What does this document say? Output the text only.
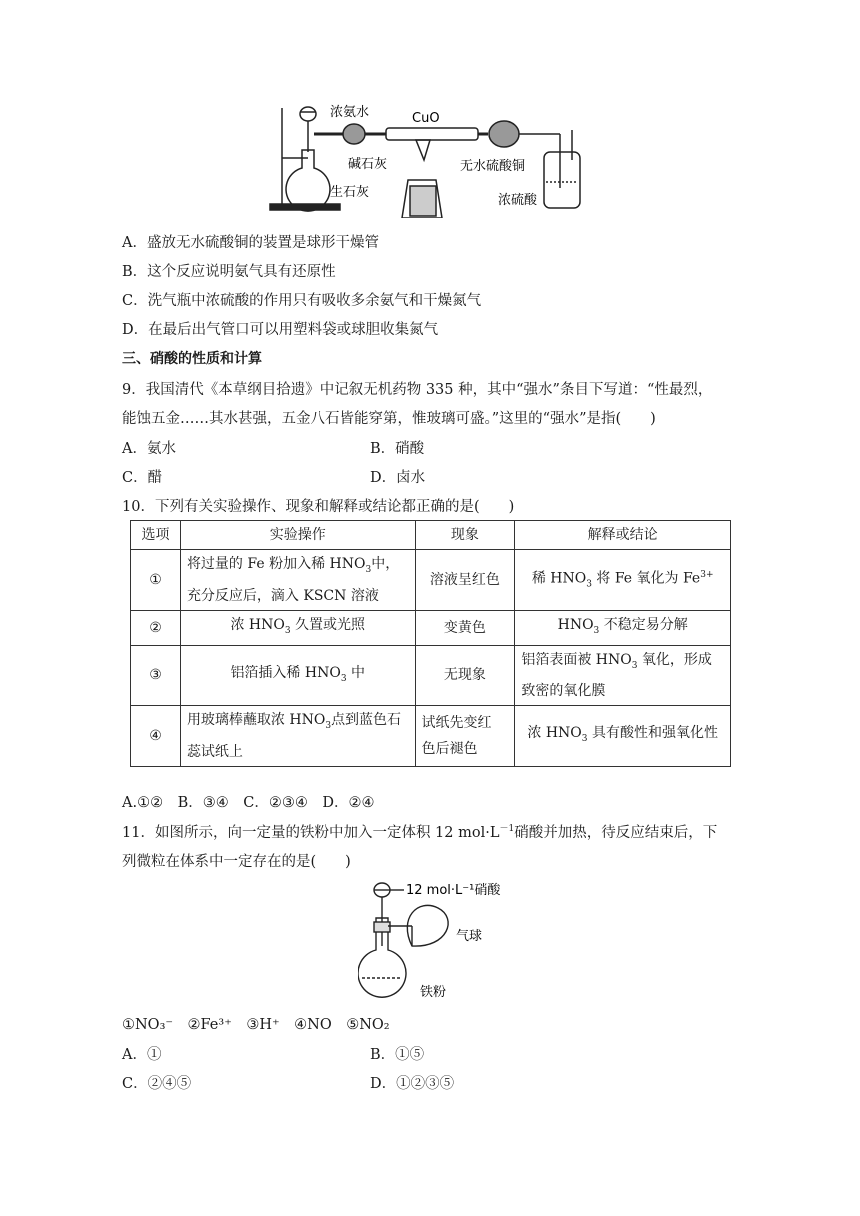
浓氨水	CuO
碱石灰
生石灰
无水硫酸铜
浓硫酸
A．盛放无水硫酸铜的装置是球形干燥管
B．这个反应说明氨气具有还原性
C．洗气瓶中浓硫酸的作用只有吸收多余氨气和干燥氮气
D．在最后出气管口可以用塑料袋或球胆收集氮气
三、硝酸的性质和计算
9．我国清代《本草纲目拾遗》中记叙无机药物 335 种，其中“强水”条目下写道：“性最烈，
能蚀五金……其水甚强，五金八石皆能穿第，惟玻璃可盛。”这里的“强水”是指(　　)
A．氨水	B．硝酸
C．醋	D．卤水
10．下列有关实验操作、现象和解释或结论都正确的是(　　)
选项	实验操作	现象	解释或结论
①	将过量的 Fe 粉加入稀 $HNO_3$中，
充分反应后，滴入 KSCN 溶液	溶液呈红色	稀 $HNO_3$ 将 Fe 氧化为 $Fe^{3+}$
②	浓 $HNO_3$ 久置或光照	变黄色	$HNO_3$ 不稳定易分解
③	铝箔插入稀 $HNO_3$ 中	无现象	铝箔表面被 $HNO_3$ 氧化，形成
致密的氧化膜
④	用玻璃棒蘸取浓 $HNO_3$点到蓝色石
蕊试纸上	试纸先变红
色后褪色	浓 $HNO_3$ 具有酸性和强氧化性
A.①②　B．③④　C．②③④　D．②④
11．如图所示，向一定量的铁粉中加入一定体积 12 $mol\cdot L^{-1}$硝酸并加热，待反应结束后，下
列微粒在体系中一定存在的是(　　)
12 mol·L⁻¹硝酸
气球
铁粉
①NO₃⁻　②Fe³⁺　③H⁺　④NO　⑤NO₂
A．①	B．①⑤
C．②④⑤	D．①②③⑤
